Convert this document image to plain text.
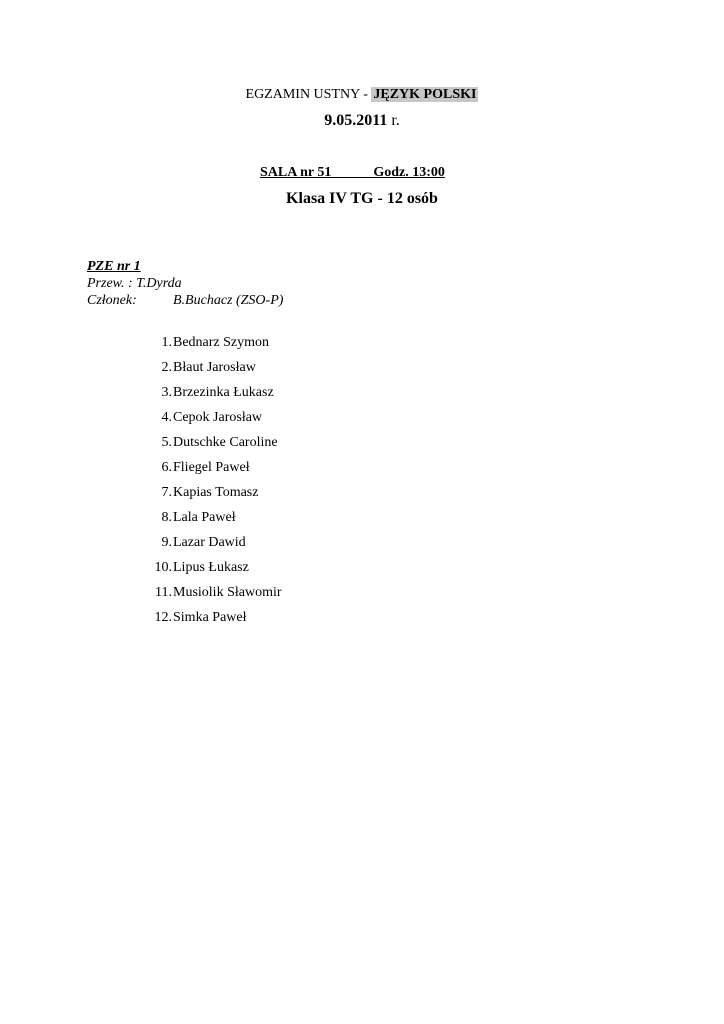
EGZAMIN USTNY - JĘZYK POLSKI
9.05.2011 r.
SALA nr 51            Godz. 13:00
Klasa IV TG - 12 osób
PZE nr 1
Przew. : T.Dyrda
Członek:	B.Buchacz (ZSO-P)
1. Bednarz Szymon
2. Błaut Jarosław
3. Brzezinka Łukasz
4. Cepok Jarosław
5. Dutschke Caroline
6. Fliegel Paweł
7. Kapias Tomasz
8. Lala Paweł
9. Lazar Dawid
10. Lipus Łukasz
11. Musiolik Sławomir
12. Simka Paweł
